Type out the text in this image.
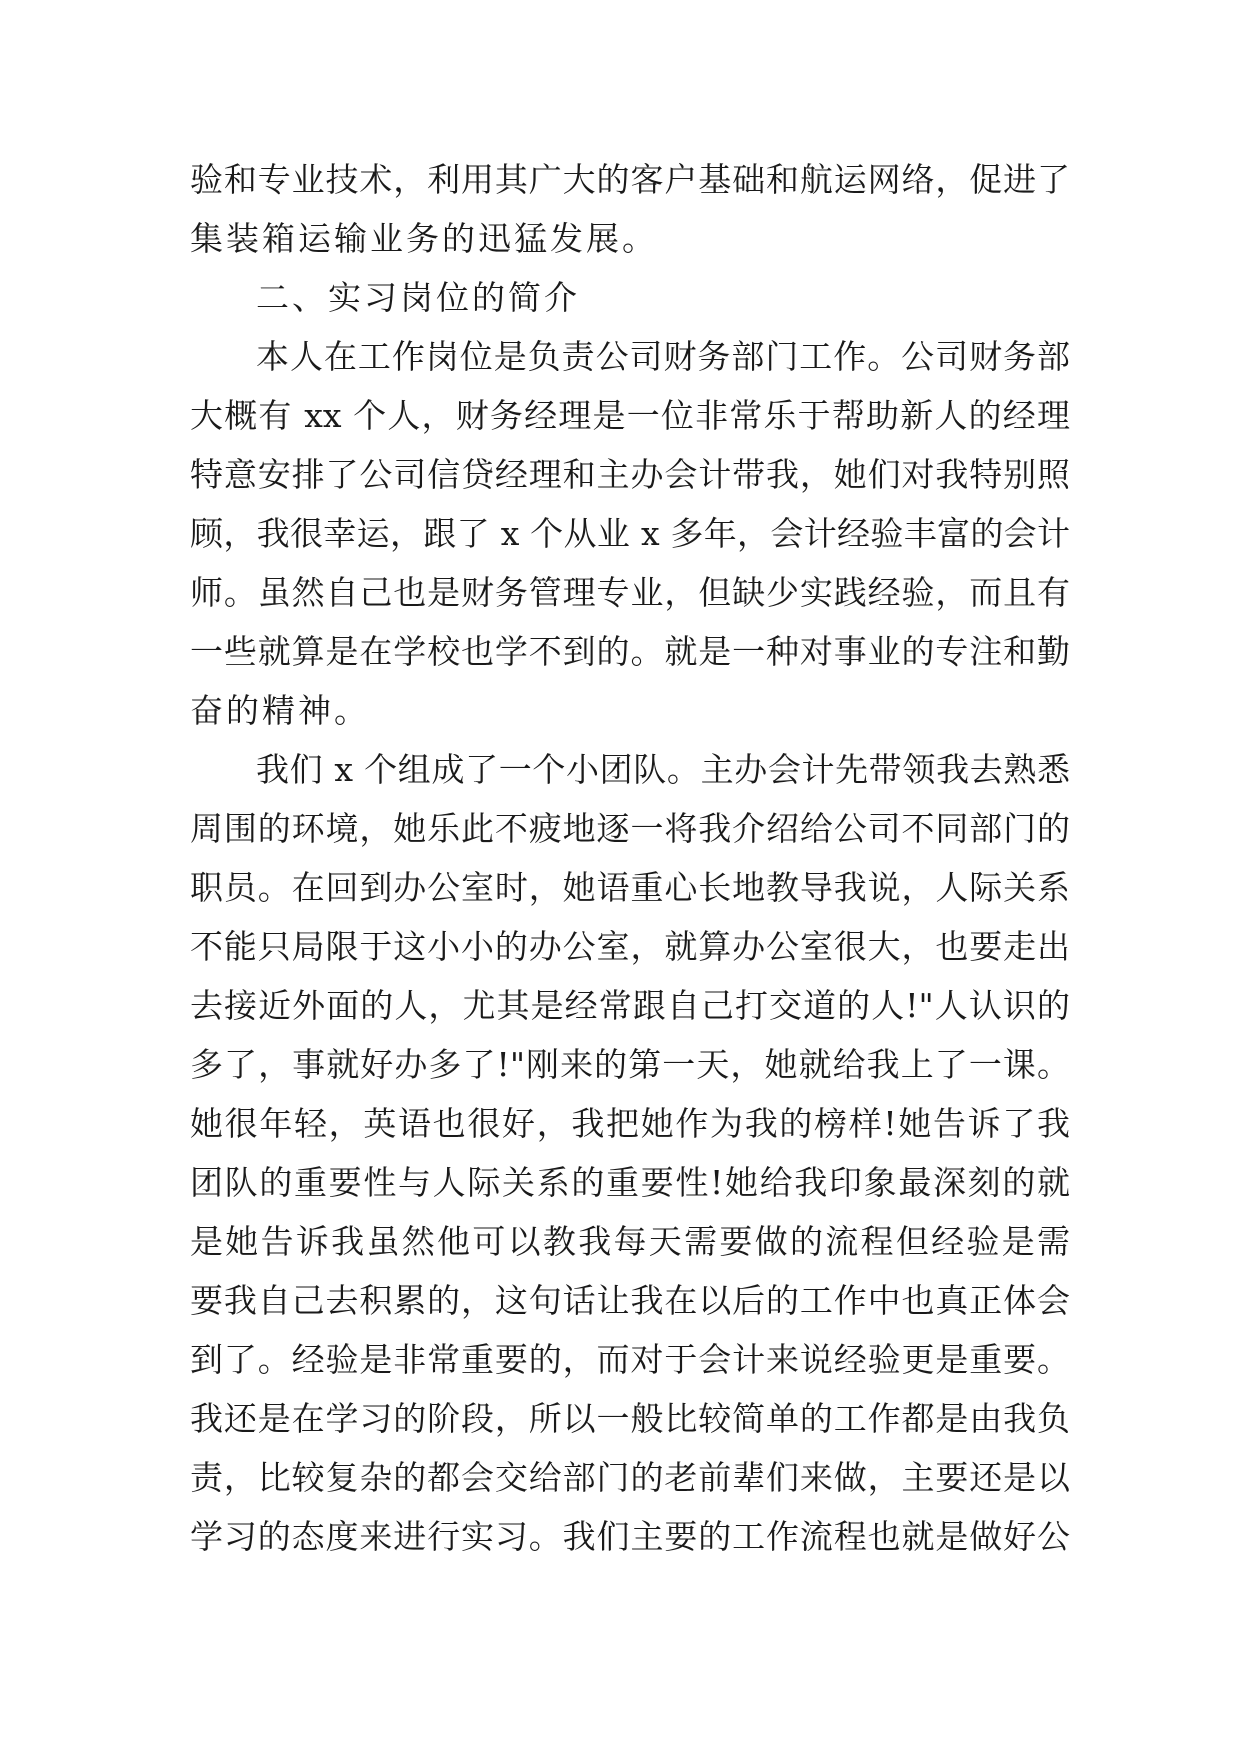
验和专业技术，利用其广大的客户基础和航运网络，促进了
集装箱运输业务的迅猛发展。
二、实习岗位的简介
本人在工作岗位是负责公司财务部门工作。公司财务部
大概有 xx 个人，财务经理是一位非常乐于帮助新人的经理
特意安排了公司信贷经理和主办会计带我，她们对我特别照
顾，我很幸运，跟了 x 个从业 x 多年，会计经验丰富的会计
师。虽然自己也是财务管理专业，但缺少实践经验，而且有
一些就算是在学校也学不到的。就是一种对事业的专注和勤
奋的精神。
我们 x 个组成了一个小团队。主办会计先带领我去熟悉
周围的环境，她乐此不疲地逐一将我介绍给公司不同部门的
职员。在回到办公室时，她语重心长地教导我说，人际关系
不能只局限于这小小的办公室，就算办公室很大，也要走出
去接近外面的人，尤其是经常跟自己打交道的人!"人认识的
多了，事就好办多了!"刚来的第一天，她就给我上了一课。
她很年轻，英语也很好，我把她作为我的榜样!她告诉了我
团队的重要性与人际关系的重要性!她给我印象最深刻的就
是她告诉我虽然他可以教我每天需要做的流程但经验是需
要我自己去积累的，这句话让我在以后的工作中也真正体会
到了。经验是非常重要的，而对于会计来说经验更是重要。
我还是在学习的阶段，所以一般比较简单的工作都是由我负
责，比较复杂的都会交给部门的老前辈们来做，主要还是以
学习的态度来进行实习。我们主要的工作流程也就是做好公
